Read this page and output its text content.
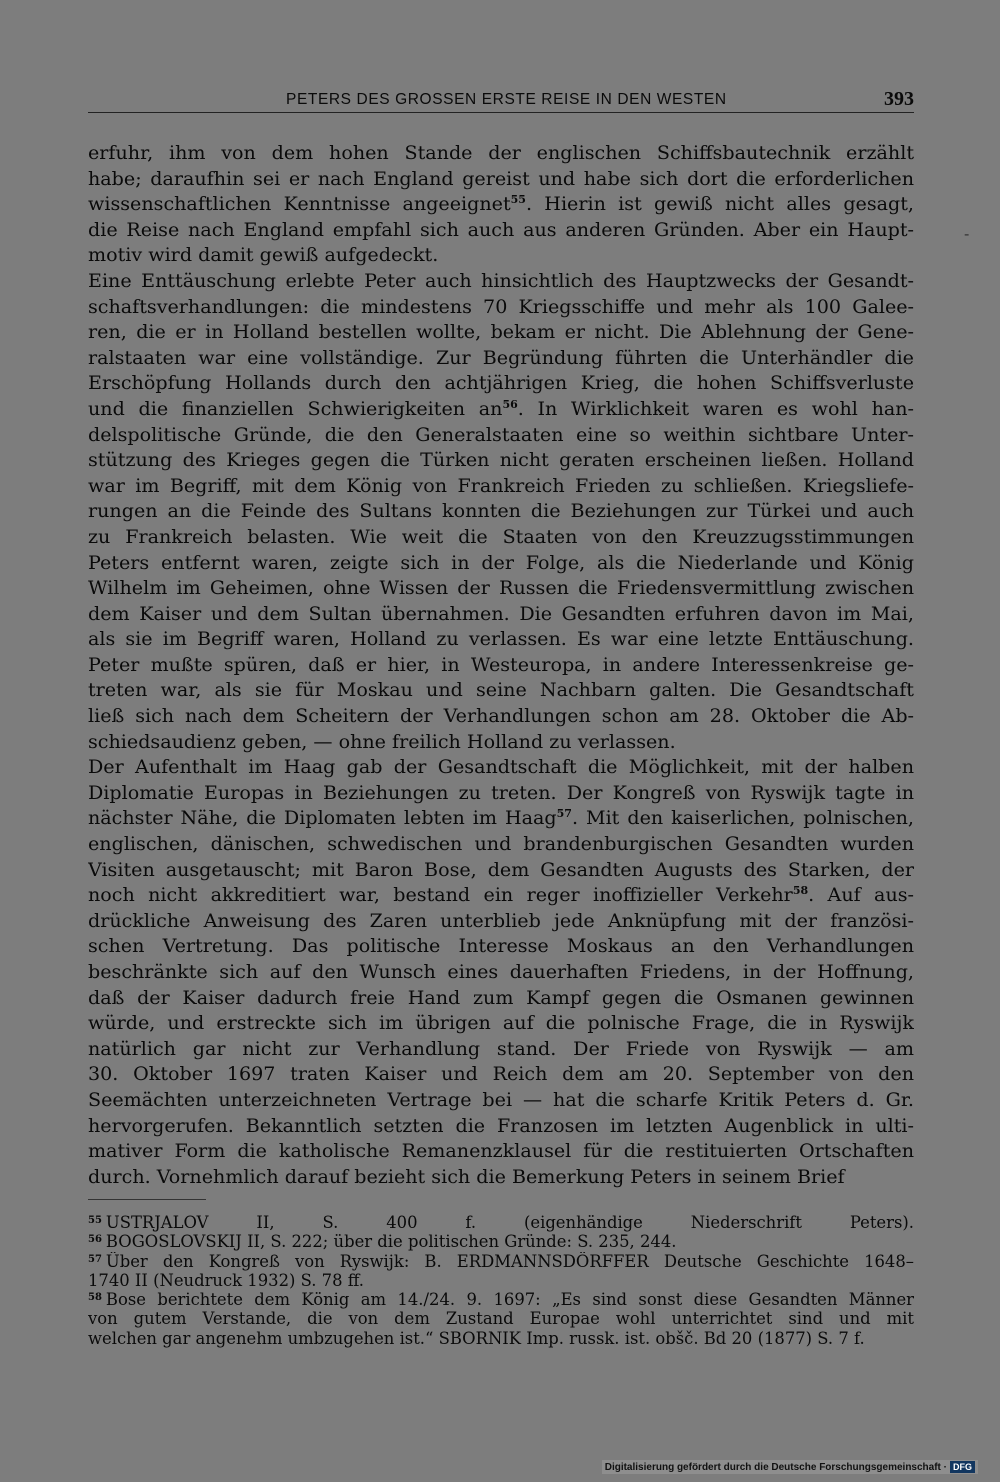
PETERS DES GROSSEN ERSTE REISE IN DEN WESTEN	393
-
erfuhr, ihm von dem hohen Stande der englischen Schiffsbautechnik erzählt
habe; daraufhin sei er nach England gereist und habe sich dort die erforderlichen
wissenschaftlichen Kenntnisse angeeignet$^{55}$. Hierin ist gewiß nicht alles gesagt,
die Reise nach England empfahl sich auch aus anderen Gründen. Aber ein Haupt-
motiv wird damit gewiß aufgedeckt.
Eine Enttäuschung erlebte Peter auch hinsichtlich des Hauptzwecks der Gesandt-
schaftsverhandlungen: die mindestens 70 Kriegsschiffe und mehr als 100 Galee-
ren, die er in Holland bestellen wollte, bekam er nicht. Die Ablehnung der Gene-
ralstaaten war eine vollständige. Zur Begründung führten die Unterhändler die
Erschöpfung Hollands durch den achtjährigen Krieg, die hohen Schiffsverluste
und die finanziellen Schwierigkeiten $an^{56}$. In Wirklichkeit waren es wohl han-
delspolitische Gründe, die den Generalstaaten eine so weithin sichtbare Unter-
stützung des Krieges gegen die Türken nicht geraten erscheinen ließen. Holland
war im Begriff, mit dem König von Frankreich Frieden zu schließen. Kriegsliefe-
rungen an die Feinde des Sultans konnten die Beziehungen zur Türkei und auch
zu Frankreich belasten. Wie weit die Staaten von den Kreuzzugsstimmungen
Peters entfernt waren, zeigte sich in der Folge, als die Niederlande und König
Wilhelm im Geheimen, ohne Wissen der Russen die Friedensvermittlung zwischen
dem Kaiser und dem Sultan übernahmen. Die Gesandten erfuhren davon im Mai,
als sie im Begriff waren, Holland zu verlassen. Es war eine letzte Enttäuschung.
Peter mußte spüren, daß er hier, in Westeuropa, in andere Interessenkreise ge-
treten war, als sie für Moskau und seine Nachbarn galten. Die Gesandtschaft
ließ sich nach dem Scheitern der Verhandlungen schon am 28. Oktober die Ab-
schiedsaudienz geben, — ohne freilich Holland zu verlassen.
Der Aufenthalt im Haag gab der Gesandtschaft die Möglichkeit, mit der halben
Diplomatie Europas in Beziehungen zu treten. Der Kongreß von Ryswijk tagte in
nächster Nähe, die Diplomaten lebten im Haag$^{57}$. Mit den kaiserlichen, polnischen,
englischen, dänischen, schwedischen und brandenburgischen Gesandten wurden
Visiten ausgetauscht; mit Baron Bose, dem Gesandten Augusts des Starken, der
noch nicht akkreditiert war, bestand ein reger inoffizieller Verkehr$^{58}$. Auf aus-
drückliche Anweisung des Zaren unterblieb jede Anknüpfung mit der französi-
schen Vertretung. Das politische Interesse Moskaus an den Verhandlungen
beschränkte sich auf den Wunsch eines dauerhaften Friedens, in der Hoffnung,
daß der Kaiser dadurch freie Hand zum Kampf gegen die Osmanen gewinnen
würde, und erstreckte sich im übrigen auf die polnische Frage, die in Ryswijk
natürlich gar nicht zur Verhandlung stand. Der Friede von Ryswijk — am
30. Oktober 1697 traten Kaiser und Reich dem am 20. September von den
Seemächten unterzeichneten Vertrage bei — hat die scharfe Kritik Peters d. Gr.
hervorgerufen. Bekanntlich setzten die Franzosen im letzten Augenblick in ulti-
mativer Form die katholische Remanenzklausel für die restituierten Ortschaften
durch. Vornehmlich darauf bezieht sich die Bemerkung Peters in seinem Brief
$^{55}$ USTRJALOV II, S. 400 f. (eigenhändige Niederschrift Peters).
$^{56}$ BOGOSLOVSKIJ II, S. 222; über die politischen Gründe: S. 235, 244.
$^{57}$ Über den Kongreß von Ryswijk: B. ERDMANNSDÖRFFER Deutsche Geschichte 1648–
1740 II (Neudruck 1932) S. 78 ff.
$^{58}$ Bose berichtete dem König am 14./24. 9. 1697: „Es sind sonst diese Gesandten Männer
von gutem Verstande, die von dem Zustand Europae wohl unterrichtet sind und mit
welchen gar angenehm umbzugehen ist.“ SBORNIK Imp. russk. ist. obšč. Bd 20 (1877) S. 7 f.
Digitalisierung gefördert durch die Deutsche Forschungsgemeinschaft · DFG
